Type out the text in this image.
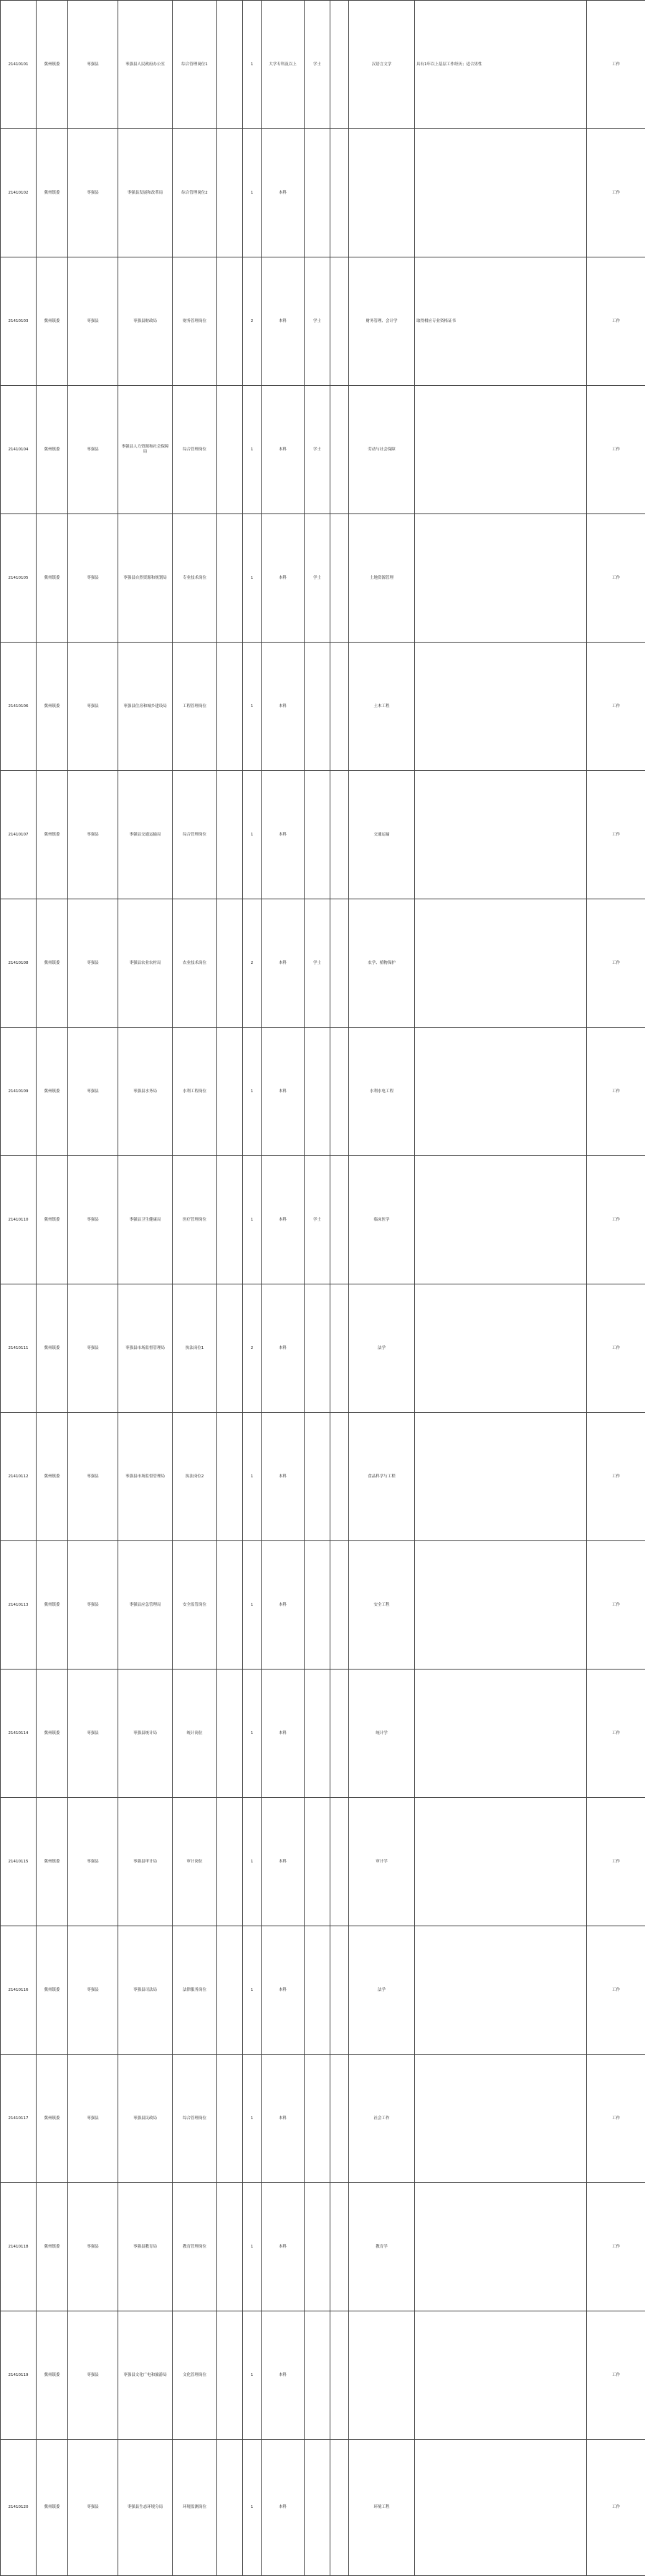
21410101	冀州镇委	枣强县	枣强县人民政府办公室	综合管理岗位1		1	大学专科及以上	学士		汉语言文学	具有1年以上基层工作经历；适合男性	工作
21410102	冀州镇委	枣强县	枣强县发展和改革局	综合管理岗位2		1	本科					工作
21410103	冀州镇委	枣强县	枣强县财政局	财务管理岗位		2	本科	学士		财务管理、会计学	取得相应专业资格证书	工作
21410104	冀州镇委	枣强县	枣强县人力资源和社会保障局	综合管理岗位		1	本科	学士		劳动与社会保障		工作
21410105	冀州镇委	枣强县	枣强县自然资源和规划局	专业技术岗位		1	本科	学士		土地资源管理		工作
21410106	冀州镇委	枣强县	枣强县住房和城乡建设局	工程管理岗位		1	本科			土木工程		工作
21410107	冀州镇委	枣强县	枣强县交通运输局	综合管理岗位		1	本科			交通运输		工作
21410108	冀州镇委	枣强县	枣强县农业农村局	农业技术岗位		2	本科	学士		农学、植物保护		工作
21410109	冀州镇委	枣强县	枣强县水务局	水利工程岗位		1	本科			水利水电工程		工作
21410110	冀州镇委	枣强县	枣强县卫生健康局	医疗管理岗位		1	本科	学士		临床医学		工作
21410111	冀州镇委	枣强县	枣强县市场监督管理局	执法岗位1		2	本科			法学		工作
21410112	冀州镇委	枣强县	枣强县市场监督管理局	执法岗位2		1	本科			食品科学与工程		工作
21410113	冀州镇委	枣强县	枣强县应急管理局	安全监管岗位		1	本科			安全工程		工作
21410114	冀州镇委	枣强县	枣强县统计局	统计岗位		1	本科			统计学		工作
21410115	冀州镇委	枣强县	枣强县审计局	审计岗位		1	本科			审计学		工作
21410116	冀州镇委	枣强县	枣强县司法局	法律服务岗位		1	本科			法学		工作
21410117	冀州镇委	枣强县	枣强县民政局	综合管理岗位		1	本科			社会工作		工作
21410118	冀州镇委	枣强县	枣强县教育局	教育管理岗位		1	本科			教育学		工作
21410119	冀州镇委	枣强县	枣强县文化广电和旅游局	文化管理岗位		1	本科					工作
21410120	冀州镇委	枣强县	枣强县生态环境分局	环境监测岗位		1	本科			环境工程		工作
